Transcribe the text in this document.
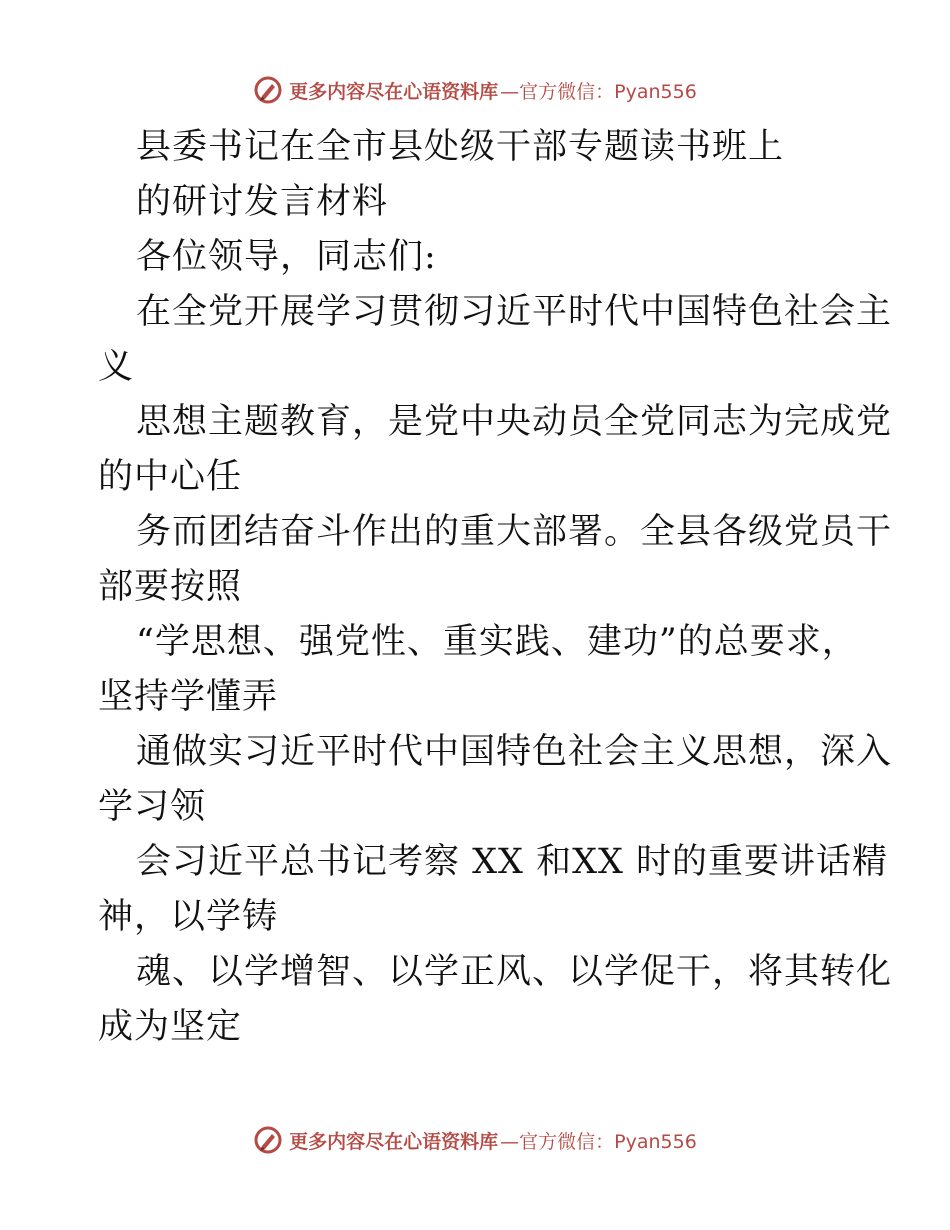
更多内容尽在心语资料库 —官方微信：Pyan556
县委书记在全市县处级干部专题读书班上
的研讨发言材料
各位领导，同志们:
在全党开展学习贯彻习近平时代中国特色社会主
义
思想主题教育，是党中央动员全党同志为完成党
的中心任
务而团结奋斗作出的重大部署。全县各级党员干
部要按照
“学思想、强党性、重实践、建功”的总要求，
坚持学懂弄
通做实习近平时代中国特色社会主义思想，深入
学习领
会习近平总书记考察 XX 和XX 时的重要讲话精
神，以学铸
魂、以学增智、以学正风、以学促干，将其转化
成为坚定
更多内容尽在心语资料库 —官方微信：Pyan556
